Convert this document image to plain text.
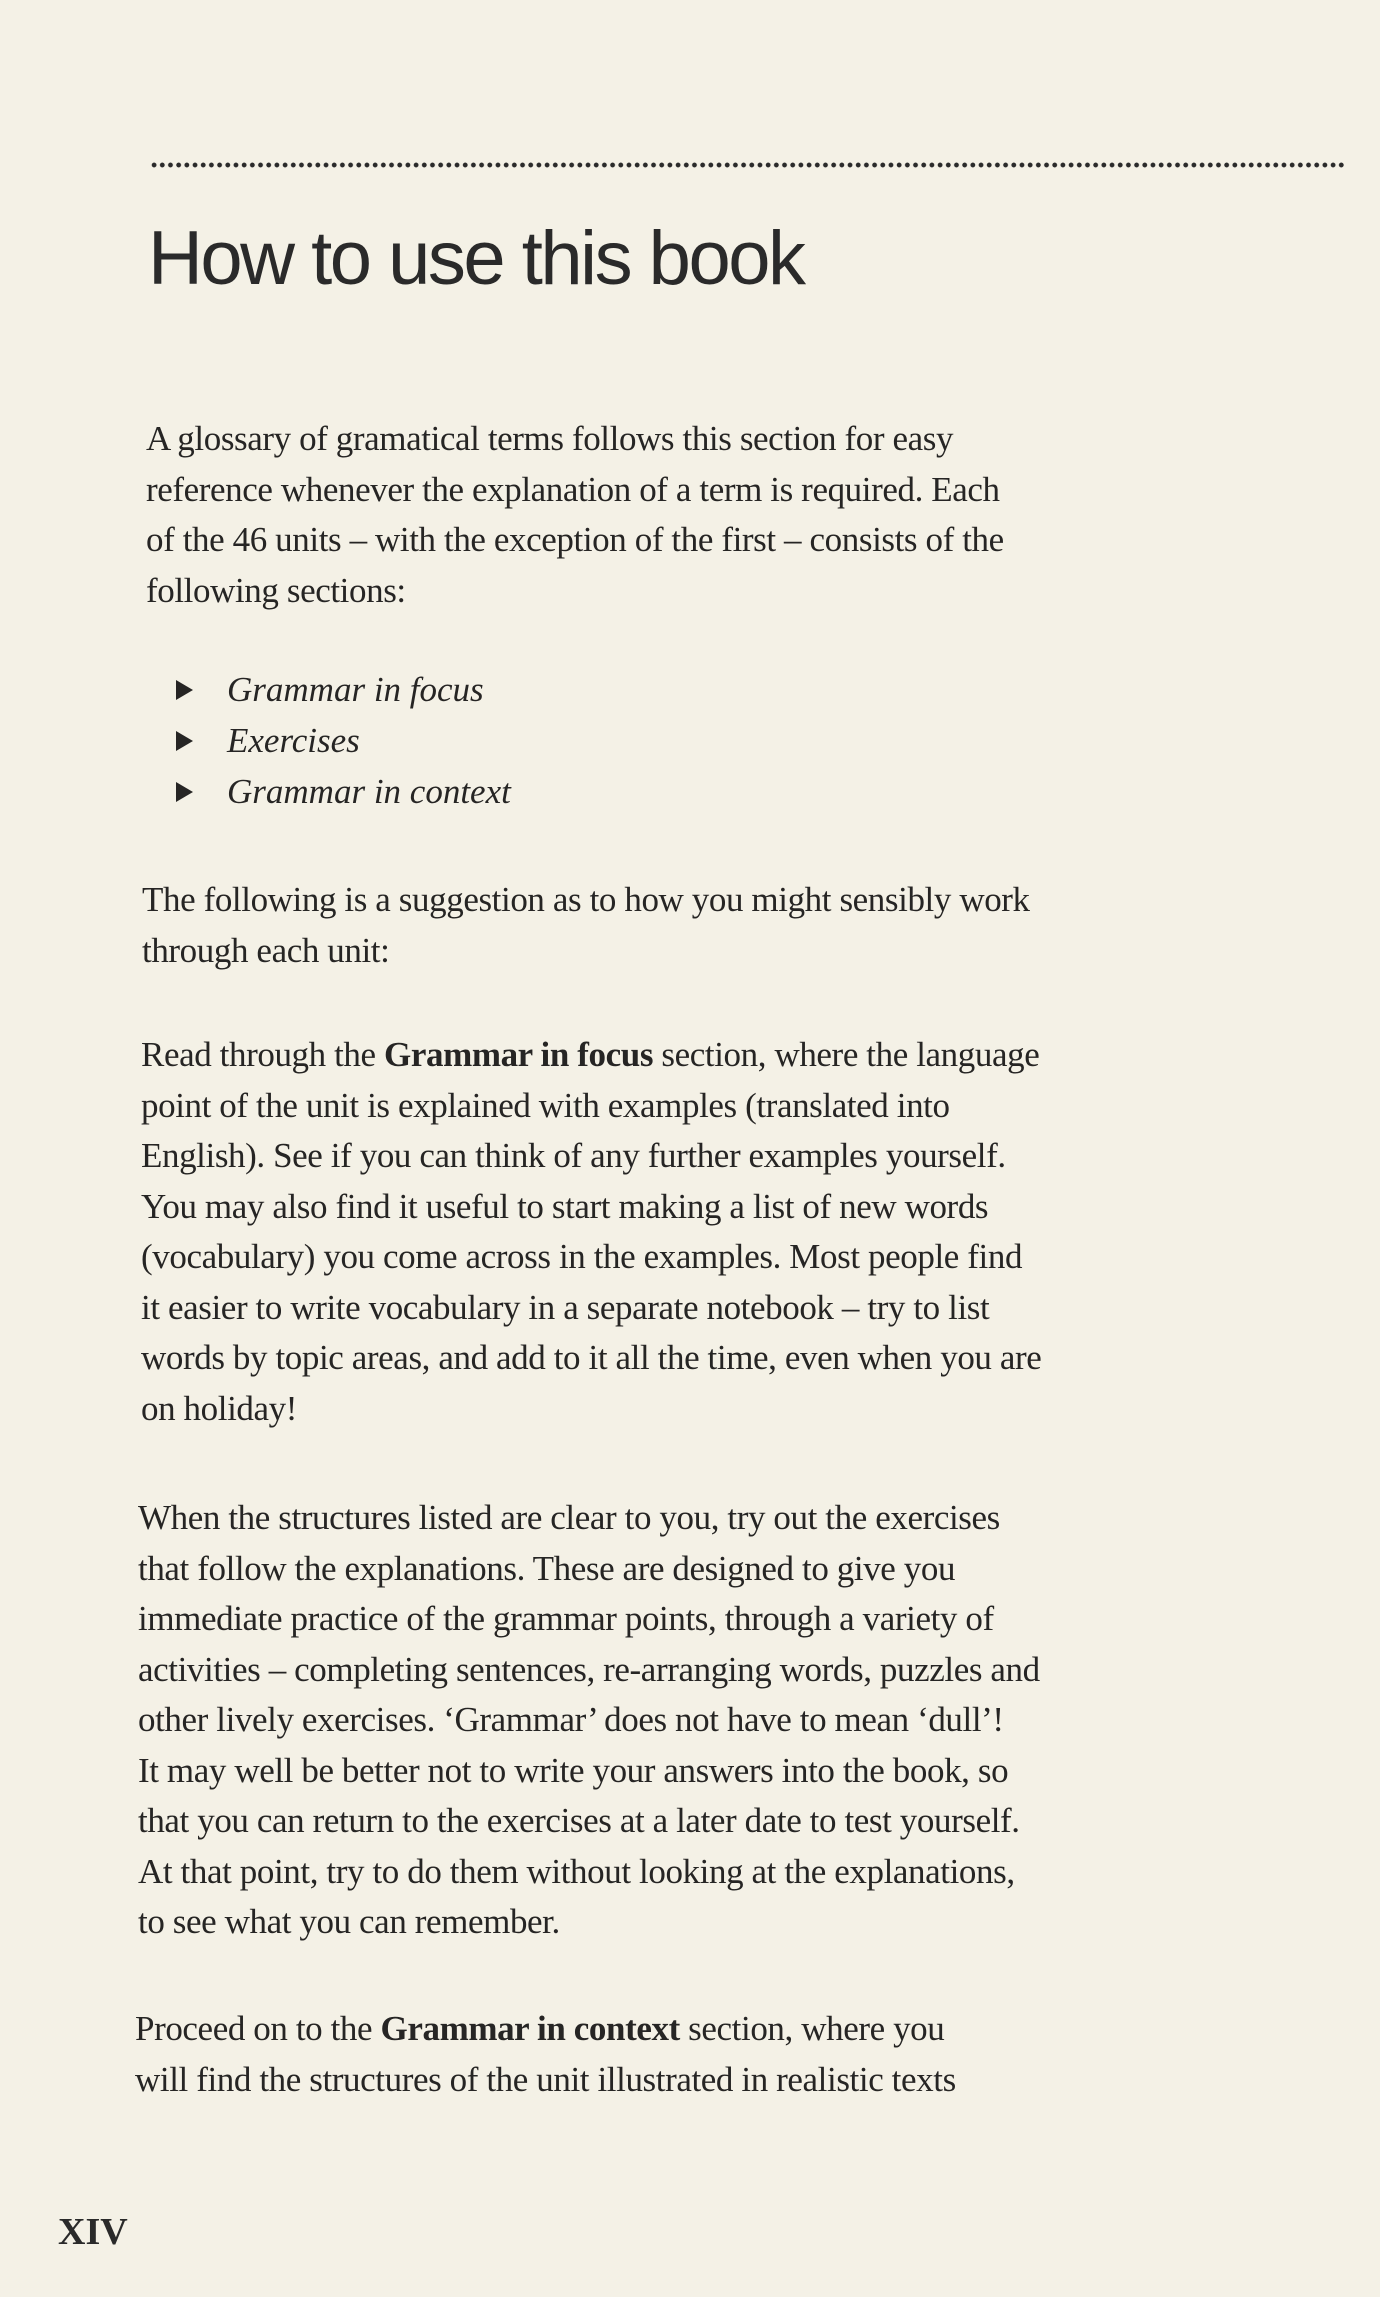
How to use this book
A glossary of gramatical terms follows this section for easy
reference whenever the explanation of a term is required. Each
of the 46 units – with the exception of the first – consists of the
following sections:
Grammar in focus
Exercises
Grammar in context
The following is a suggestion as to how you might sensibly work
through each unit:
Read through the Grammar in focus section, where the language
point of the unit is explained with examples (translated into
English). See if you can think of any further examples yourself.
You may also find it useful to start making a list of new words
(vocabulary) you come across in the examples. Most people find
it easier to write vocabulary in a separate notebook – try to list
words by topic areas, and add to it all the time, even when you are
on holiday!
When the structures listed are clear to you, try out the exercises
that follow the explanations. These are designed to give you
immediate practice of the grammar points, through a variety of
activities – completing sentences, re-arranging words, puzzles and
other lively exercises. ‘Grammar’ does not have to mean ‘dull’!
It may well be better not to write your answers into the book, so
that you can return to the exercises at a later date to test yourself.
At that point, try to do them without looking at the explanations,
to see what you can remember.
Proceed on to the Grammar in context section, where you
will find the structures of the unit illustrated in realistic texts
XIV
